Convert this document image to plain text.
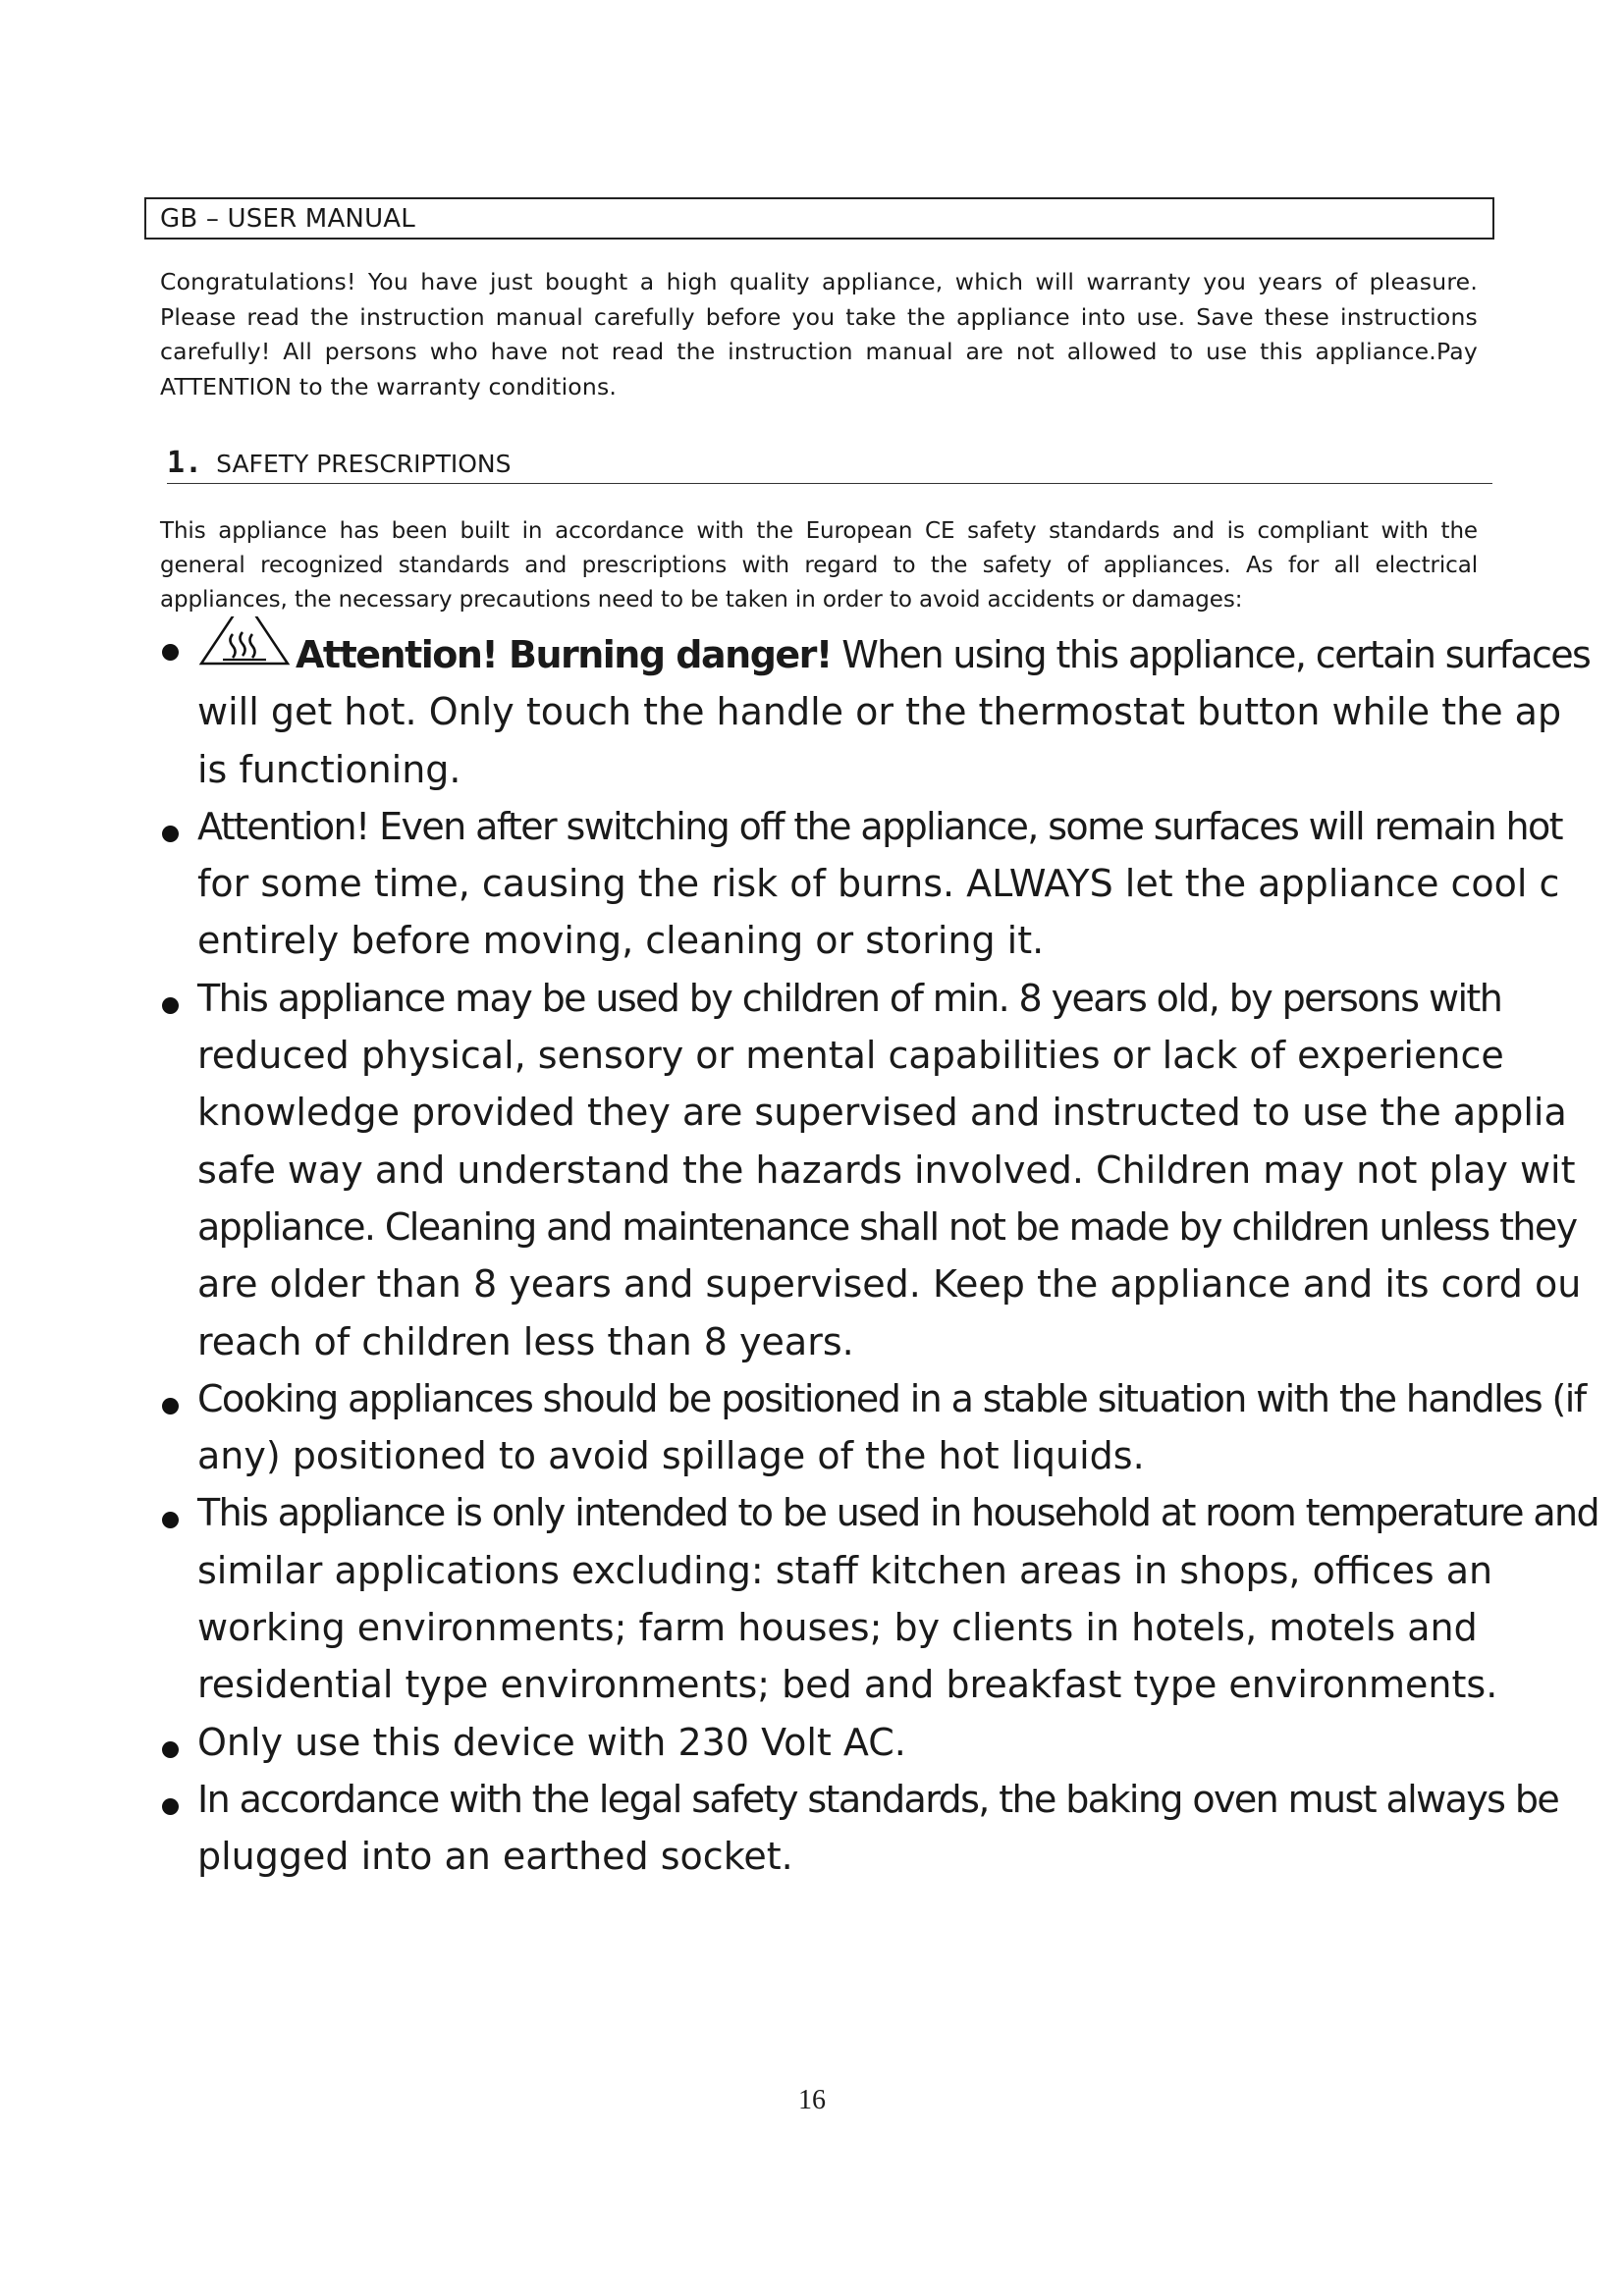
GB – USER MANUAL

Congratulations! You have just bought a high quality appliance, which will warranty you years of pleasure. Please read the instruction manual carefully before you take the appliance into use. Save these instructions carefully! All persons who have not read the instruction manual are not allowed to use this appliance.Pay ATTENTION to the warranty conditions.

1. SAFETY PRESCRIPTIONS

This appliance has been built in accordance with the European CE safety standards and is compliant with the general recognized standards and prescriptions with regard to the safety of appliances. As for all electrical appliances, the necessary precautions need to be taken in order to avoid accidents or damages:

Attention! Burning danger! When using this appliance, certain surfaces
will get hot. Only touch the handle or the thermostat button while the ap
is functioning.
Attention! Even after switching off the appliance, some surfaces will remain hot
for some time, causing the risk of burns. ALWAYS let the appliance cool c
entirely before moving, cleaning or storing it.
This appliance may be used by children of min. 8 years old, by persons with
reduced physical, sensory or mental capabilities or lack of experience
knowledge provided they are supervised and instructed to use the applia
safe way and understand the hazards involved. Children may not play wit
appliance. Cleaning and maintenance shall not be made by children unless they
are older than 8 years and supervised. Keep the appliance and its cord ou
reach of children less than 8 years.
Cooking appliances should be positioned in a stable situation with the handles (if
any) positioned to avoid spillage of the hot liquids.
This appliance is only intended to be used in household at room temperature and
similar applications excluding: staff kitchen areas in shops, offices an
working environments; farm houses; by clients in hotels, motels and
residential type environments; bed and breakfast type environments.
Only use this device with 230 Volt AC.
In accordance with the legal safety standards, the baking oven must always be
plugged into an earthed socket.
16
